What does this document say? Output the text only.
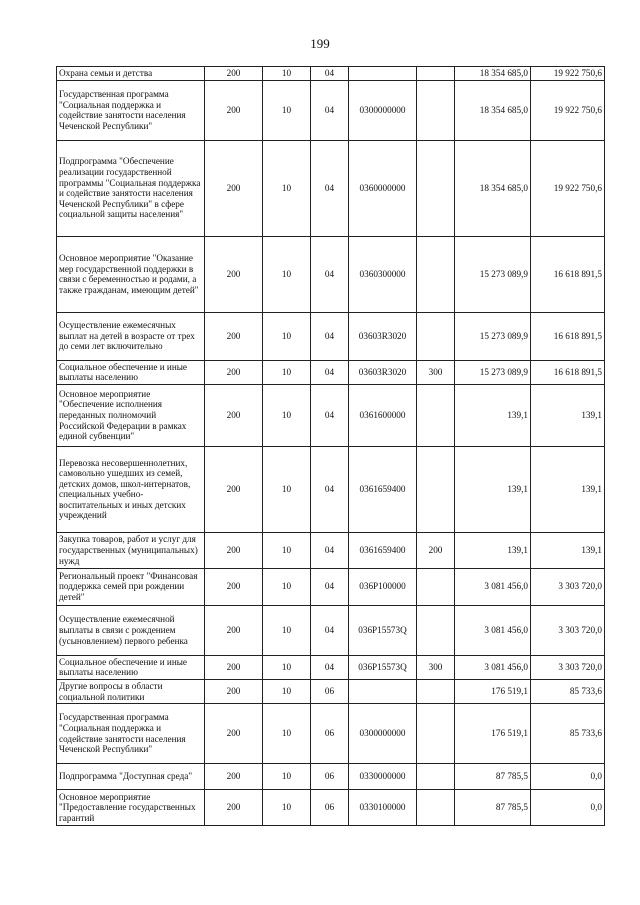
199
Охрана семьи и детства	200	10	04			18 354 685,0	19 922 750,6
Государственная программа "Социальная поддержка и содействие занятости населения Чеченской Республики"	200	10	04	0300000000		18 354 685,0	19 922 750,6
Подпрограмма "Обеспечение реализации государственной программы "Социальная поддержка и содействие занятости населения Чеченской Республики" в сфере социальной защиты населения"	200	10	04	0360000000		18 354 685,0	19 922 750,6
Основное мероприятие "Оказание мер государственной поддержки в связи с беременностью и родами, а также гражданам, имеющим детей"	200	10	04	0360300000		15 273 089,9	16 618 891,5
Осуществление ежемесячных выплат на детей в возрасте от трех до семи лет включительно	200	10	04	03603R3020		15 273 089,9	16 618 891,5
Социальное обеспечение и иные выплаты населению	200	10	04	03603R3020	300	15 273 089,9	16 618 891,5
Основное мероприятие "Обеспечение исполнения переданных полномочий Российской Федерации в рамках единой субвенции"	200	10	04	0361600000		139,1	139,1
Перевозка несовершеннолетних, самовольно ушедших из семей, детских домов, школ-интернатов, специальных учебно-воспитательных и иных детских учреждений	200	10	04	0361659400		139,1	139,1
Закупка товаров, работ и услуг для государственных (муниципальных) нужд	200	10	04	0361659400	200	139,1	139,1
Региональный проект "Финансовая поддержка семей при рождении детей"	200	10	04	036P100000		3 081 456,0	3 303 720,0
Осуществление ежемесячной выплаты в связи с рождением (усыновлением) первого ребенка	200	10	04	036P15573Q		3 081 456,0	3 303 720,0
Социальное обеспечение и иные выплаты населению	200	10	04	036P15573Q	300	3 081 456,0	3 303 720,0
Другие вопросы в области социальной политики	200	10	06			176 519,1	85 733,6
Государственная программа "Социальная поддержка и содействие занятости населения Чеченской Республики"	200	10	06	0300000000		176 519,1	85 733,6
Подпрограмма "Доступная среда"	200	10	06	0330000000		87 785,5	0,0
Основное мероприятие "Предоставление государственных гарантий	200	10	06	0330100000		87 785,5	0,0
